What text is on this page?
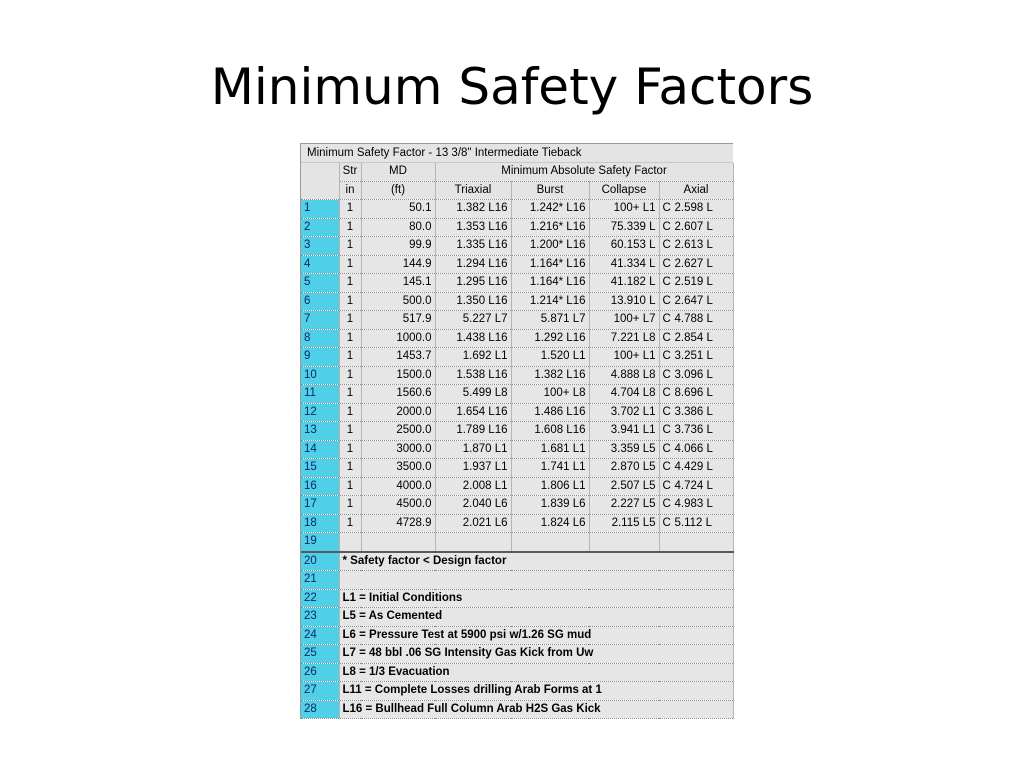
Minimum Safety Factors
Minimum Safety Factor - 13 3/8" Intermediate Tieback
	Str	MD	Minimum Absolute Safety Factor			
	in	(ft)	Triaxial	Burst	Collapse	Axial
1	1	50.1	1.382 L16	1.242* L16	100+ L1	C 2.598 L
2	1	80.0	1.353 L16	1.216* L16	75.339 L	C 2.607 L
3	1	99.9	1.335 L16	1.200* L16	60.153 L	C 2.613 L
4	1	144.9	1.294 L16	1.164* L16	41.334 L	C 2.627 L
5	1	145.1	1.295 L16	1.164* L16	41.182 L	C 2.519 L
6	1	500.0	1.350 L16	1.214* L16	13.910 L	C 2.647 L
7	1	517.9	5.227 L7	5.871 L7	100+ L7	C 4.788 L
8	1	1000.0	1.438 L16	1.292 L16	7.221 L8	C 2.854 L
9	1	1453.7	1.692 L1	1.520 L1	100+ L1	C 3.251 L
10	1	1500.0	1.538 L16	1.382 L16	4.888 L8	C 3.096 L
11	1	1560.6	5.499 L8	100+ L8	4.704 L8	C 8.696 L
12	1	2000.0	1.654 L16	1.486 L16	3.702 L1	C 3.386 L
13	1	2500.0	1.789 L16	1.608 L16	3.941 L1	C 3.736 L
14	1	3000.0	1.870 L1	1.681 L1	3.359 L5	C 4.066 L
15	1	3500.0	1.937 L1	1.741 L1	2.870 L5	C 4.429 L
16	1	4000.0	2.008 L1	1.806 L1	2.507 L5	C 4.724 L
17	1	4500.0	2.040 L6	1.839 L6	2.227 L5	C 4.983 L
18	1	4728.9	2.021 L6	1.824 L6	2.115 L5	C 5.112 L
19						
20	* Safety factor < Design factor					
21						
22	L1 = Initial Conditions					
23	L5 = As Cemented					
24	L6 = Pressure Test at 5900 psi w/1.26 SG mud					
25	L7 = 48 bbl .06 SG Intensity Gas Kick from Uw					
26	L8 = 1/3 Evacuation					
27	L11 = Complete Losses drilling Arab Forms at 1					
28	L16 = Bullhead Full Column Arab H2S Gas Kick					
